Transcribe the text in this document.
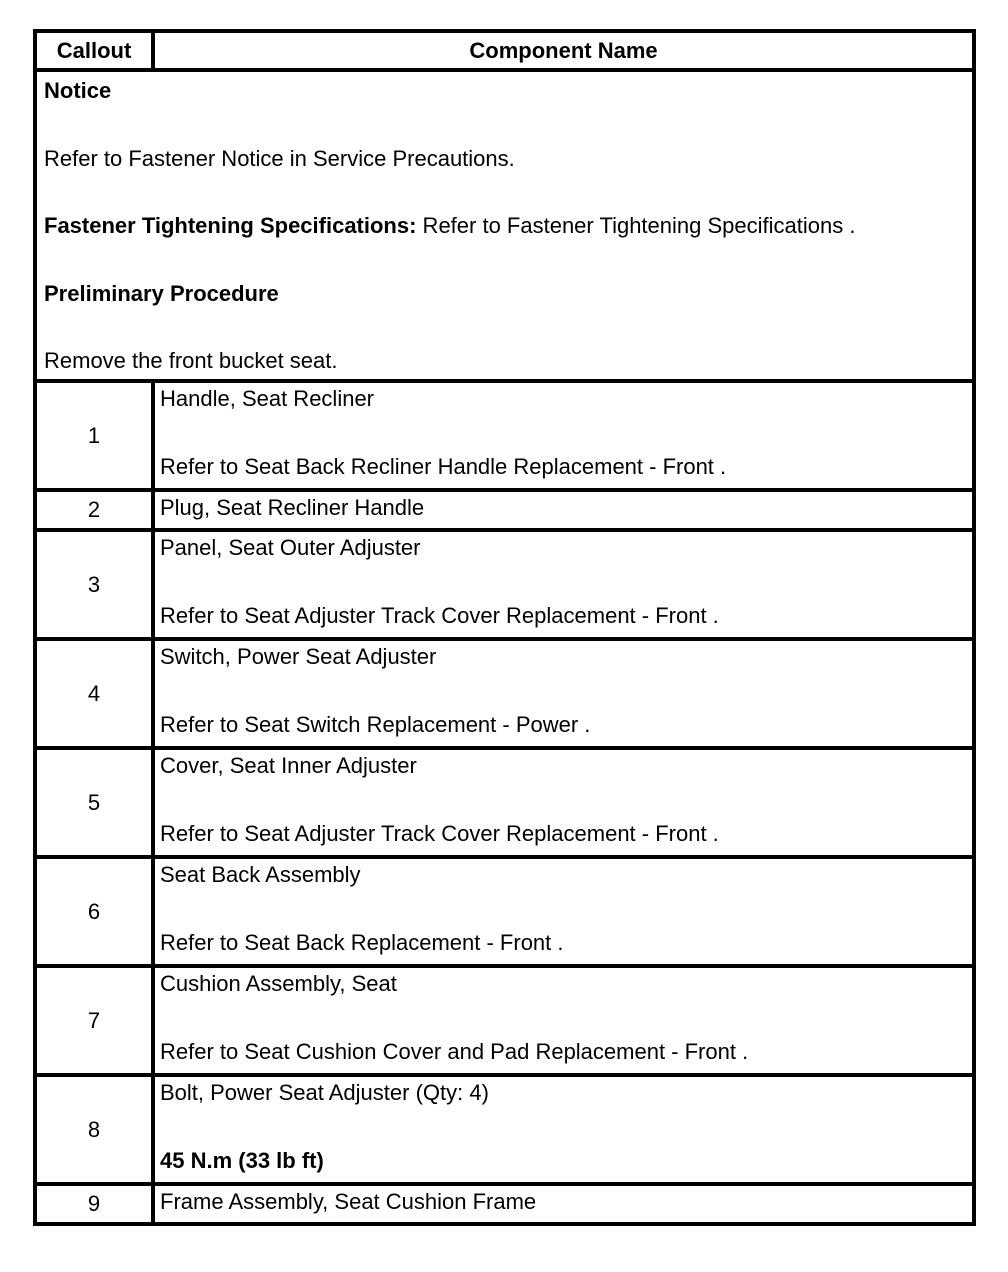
Callout	Component Name

Notice

Refer to Fastener Notice in Service Precautions.

Fastener Tightening Specifications: Refer to Fastener Tightening Specifications .

Preliminary Procedure

Remove the front bucket seat.	

1	Handle, Seat Recliner
Refer to Seat Back Recliner Handle Replacement - Front .

2	Plug, Seat Recliner Handle

3	Panel, Seat Outer Adjuster
Refer to Seat Adjuster Track Cover Replacement - Front .

4	Switch, Power Seat Adjuster
Refer to Seat Switch Replacement - Power .

5	Cover, Seat Inner Adjuster
Refer to Seat Adjuster Track Cover Replacement - Front .

6	Seat Back Assembly
Refer to Seat Back Replacement - Front .

7	Cushion Assembly, Seat
Refer to Seat Cushion Cover and Pad Replacement - Front .

8	Bolt, Power Seat Adjuster (Qty: 4)
45 N.m (33 lb ft)

9	Frame Assembly, Seat Cushion Frame
